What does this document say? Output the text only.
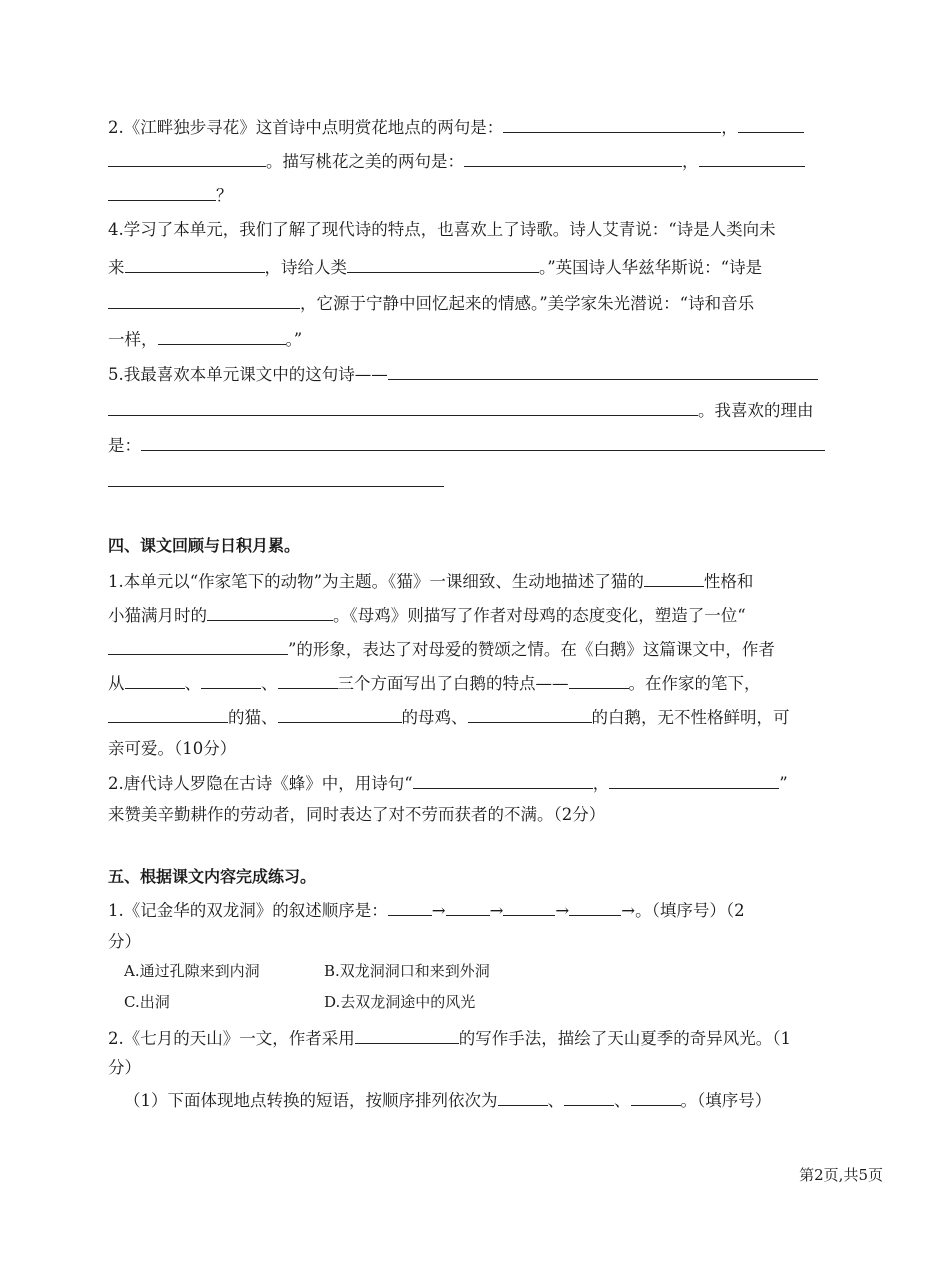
2.《江畔独步寻花》这首诗中点明赏花地点的两句是：	，
。描写桃花之美的两句是：	，
？
4.学习了本单元，我们了解了现代诗的特点，也喜欢上了诗歌。诗人艾青说：“诗是人类向未
来	，诗给人类	。”英国诗人华兹华斯说：“诗是
，它源于宁静中回忆起来的情感。”美学家朱光潜说：“诗和音乐
一样，	。”
5.我最喜欢本单元课文中的这句诗——
。我喜欢的理由
是：
四、课文回顾与日积月累。
1.本单元以“作家笔下的动物”为主题。《猫》一课细致、生动地描述了猫的	性格和
小猫满月时的	。《母鸡》则描写了作者对母鸡的态度变化，塑造了一位“
”的形象，表达了对母爱的赞颂之情。在《白鹅》这篇课文中，作者
从	、	、	三个方面写出了白鹅的特点——	。在作家的笔下，
的猫、	的母鸡、	的白鹅，无不性格鲜明，可
亲可爱。（10分）
2.唐代诗人罗隐在古诗《蜂》中，用诗句“	，	”
来赞美辛勤耕作的劳动者，同时表达了对不劳而获者的不满。（2分）
五、根据课文内容完成练习。
1.《记金华的双龙洞》的叙述顺序是：	→	→	→	→。（填序号）（2
分）
A.通过孔隙来到内洞	B.双龙洞洞口和来到外洞
C.出洞	D.去双龙洞途中的风光
2.《七月的天山》一文，作者采用	的写作手法，描绘了天山夏季的奇异风光。（1
分）
（1）下面体现地点转换的短语，按顺序排列依次为	、	、	。（填序号）
第2页,共5页
